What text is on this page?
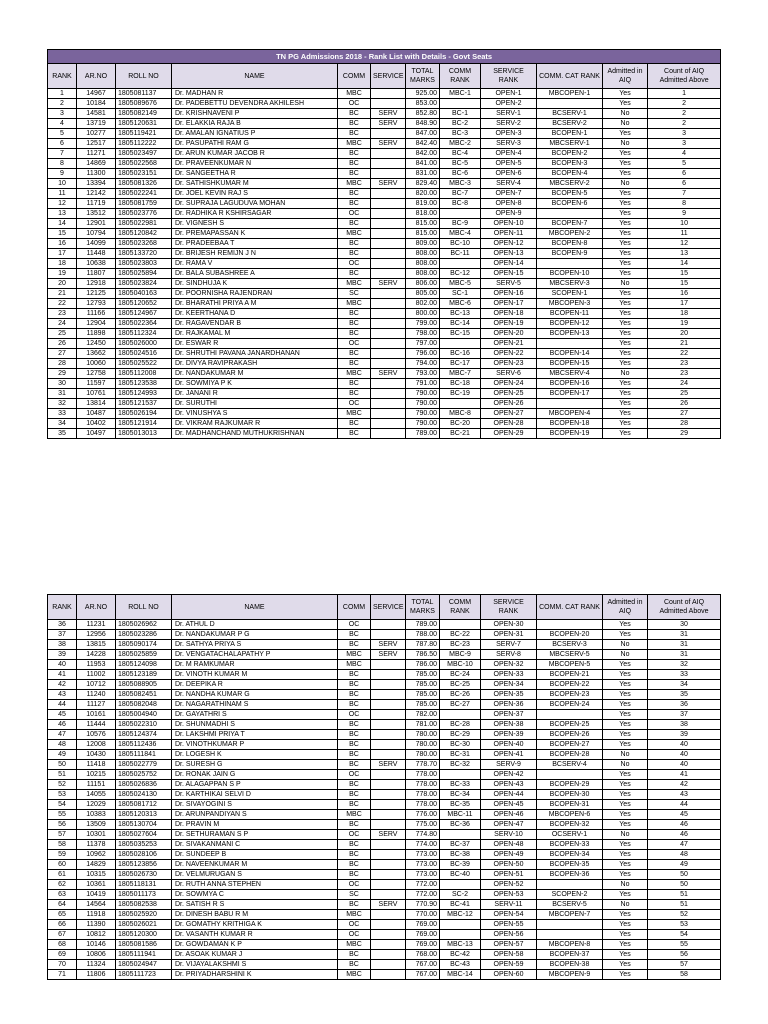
TN PG Admissions 2018 - Rank List with Details - Govt Seats											
RANK	AR.NO	ROLL NO	NAME	COMM	SERVICE	TOTAL MARKS	COMM RANK	SERVICE RANK	COMM. CAT RANK	Admitted in AIQ	Count of AIQ Admitted Above
1	14967	1805081137	Dr. MADHAN R	MBC		925.00	MBC-1	OPEN-1	MBCOPEN-1	Yes	1
2	10184	1805089676	Dr. PADEBETTU DEVENDRA AKHILESH	OC		853.00		OPEN-2		Yes	2
3	14581	1805082149	Dr. KRISHNAVENI P	BC	SERV	852.80	BC-1	SERV-1	BCSERV-1	No	2
4	13719	1805120631	Dr. ELAKKIA RAJA B	BC	SERV	848.90	BC-2	SERV-2	BCSERV-2	No	2
5	10277	1805119421	Dr. AMALAN IGNATIUS P	BC		847.00	BC-3	OPEN-3	BCOPEN-1	Yes	3
6	12517	1805112222	Dr. PASUPATHI RAM G	MBC	SERV	842.40	MBC-2	SERV-3	MBCSERV-1	No	3
7	11271	1805023497	Dr. ARUN KUMAR JACOB R	BC		842.00	BC-4	OPEN-4	BCOPEN-2	Yes	4
8	14869	1805022568	Dr. PRAVEENKUMAR N	BC		841.00	BC-5	OPEN-5	BCOPEN-3	Yes	5
9	11300	1805023151	Dr. SANGEETHA R	BC		831.00	BC-6	OPEN-6	BCOPEN-4	Yes	6
10	13394	1805081326	Dr. SATHISHKUMAR M	MBC	SERV	829.40	MBC-3	SERV-4	MBCSERV-2	No	6
11	12142	1805022241	Dr. JOEL KEVIN RAJ S	BC		820.00	BC-7	OPEN-7	BCOPEN-5	Yes	7
12	11719	1805081759	Dr. SUPRAJA LAGUDUVA MOHAN	BC		819.00	BC-8	OPEN-8	BCOPEN-6	Yes	8
13	13512	1805023776	Dr. RADHIKA R KSHIRSAGAR	OC		818.00		OPEN-9		Yes	9
14	12901	1805022981	Dr. VIGNESH S	BC		815.00	BC-9	OPEN-10	BCOPEN-7	Yes	10
15	10794	1805120842	Dr. PREMAPASSAN K	MBC		815.00	MBC-4	OPEN-11	MBCOPEN-2	Yes	11
16	14099	1805023268	Dr. PRADEEBAA T	BC		809.00	BC-10	OPEN-12	BCOPEN-8	Yes	12
17	11448	1805133720	Dr. BRIJESH REMIJN J N	BC		808.00	BC-11	OPEN-13	BCOPEN-9	Yes	13
18	10638	1805023803	Dr. RAMA V	OC		808.00		OPEN-14		Yes	14
19	11807	1805025894	Dr. BALA SUBASHREE A	BC		808.00	BC-12	OPEN-15	BCOPEN-10	Yes	15
20	12918	1805023824	Dr. SINDHUJA K	MBC	SERV	806.00	MBC-5	SERV-5	MBCSERV-3	No	15
21	12125	1805040163	Dr. POORNISHA RAJENDRAN	SC		805.00	SC-1	OPEN-16	SCOPEN-1	Yes	16
22	12793	1805120652	Dr. BHARATHI PRIYA A M	MBC		802.00	MBC-6	OPEN-17	MBCOPEN-3	Yes	17
23	11166	1805124967	Dr. KEERTHANA D	BC		800.00	BC-13	OPEN-18	BCOPEN-11	Yes	18
24	12904	1805022364	Dr. RAGAVENDAR B	BC		799.00	BC-14	OPEN-19	BCOPEN-12	Yes	19
25	11898	1805112324	Dr. RAJKAMAL M	BC		798.00	BC-15	OPEN-20	BCOPEN-13	Yes	20
26	12450	1805026000	Dr. ESWAR R	OC		797.00		OPEN-21		Yes	21
27	13662	1805024516	Dr. SHRUTHI PAVANA JANARDHANAN	BC		796.00	BC-16	OPEN-22	BCOPEN-14	Yes	22
28	10060	1805025522	Dr. DIVYA RAVIPRAKASH	BC		794.00	BC-17	OPEN-23	BCOPEN-15	Yes	23
29	12758	1805112008	Dr. NANDAKUMAR M	MBC	SERV	793.00	MBC-7	SERV-6	MBCSERV-4	No	23
30	11597	1805123538	Dr. SOWMIYA P K	BC		791.00	BC-18	OPEN-24	BCOPEN-16	Yes	24
31	10761	1805124993	Dr. JANANI R	BC		790.00	BC-19	OPEN-25	BCOPEN-17	Yes	25
32	13814	1805121537	Dr. SURUTHI	OC		790.00		OPEN-26		Yes	26
33	10487	1805026194	Dr. VINUSHYA S	MBC		790.00	MBC-8	OPEN-27	MBCOPEN-4	Yes	27
34	10402	1805121914	Dr. VIKRAM RAJKUMAR R	BC		790.00	BC-20	OPEN-28	BCOPEN-18	Yes	28
35	10497	1805013013	Dr. MADHANCHAND MUTHUKRISHNAN	BC		789.00	BC-21	OPEN-29	BCOPEN-19	Yes	29
RANK	AR.NO	ROLL NO	NAME	COMM	SERVICE	TOTAL MARKS	COMM RANK	SERVICE RANK	COMM. CAT RANK	Admitted in AIQ	Count of AIQ Admitted Above
36	11231	1805026962	Dr. ATHUL D	OC		789.00		OPEN-30		Yes	30
37	12956	1805023286	Dr. NANDAKUMAR P G	BC		788.00	BC-22	OPEN-31	BCOPEN-20	Yes	31
38	13815	1805090174	Dr. SATHYA PRIYA S	BC	SERV	787.80	BC-23	SERV-7	BCSERV-3	No	31
39	14228	1805025859	Dr. VENGATACHALAPATHY P	MBC	SERV	786.50	MBC-9	SERV-8	MBCSERV-5	No	31
40	11953	1805124098	Dr. M RAMKUMAR	MBC		786.00	MBC-10	OPEN-32	MBCOPEN-5	Yes	32
41	11002	1805123189	Dr. VINOTH KUMAR M	BC		785.00	BC-24	OPEN-33	BCOPEN-21	Yes	33
42	10712	1805088905	Dr. DEEPIKA R	BC		785.00	BC-25	OPEN-34	BCOPEN-22	Yes	34
43	11240	1805082451	Dr. NANDHA KUMAR G	BC		785.00	BC-26	OPEN-35	BCOPEN-23	Yes	35
44	11127	1805082048	Dr. NAGARATHINAM S	BC		785.00	BC-27	OPEN-36	BCOPEN-24	Yes	36
45	10161	1805004940	Dr. GAYATHRI S	OC		782.00		OPEN-37		Yes	37
46	11444	1805022310	Dr. SHUNMADHI S	BC		781.00	BC-28	OPEN-38	BCOPEN-25	Yes	38
47	10576	1805124374	Dr. LAKSHMI PRIYA T	BC		780.00	BC-29	OPEN-39	BCOPEN-26	Yes	39
48	12008	1805112436	Dr. VINOTHKUMAR P	BC		780.00	BC-30	OPEN-40	BCOPEN-27	Yes	40
49	10430	1805111841	Dr. LOGESH K	BC		780.00	BC-31	OPEN-41	BCOPEN-28	No	40
50	11418	1805022779	Dr. SURESH G	BC	SERV	778.70	BC-32	SERV-9	BCSERV-4	No	40
51	10215	1805025752	Dr. RONAK JAIN G	OC		778.00		OPEN-42		Yes	41
52	11151	1805026836	Dr. ALAGAPPAN S P	BC		778.00	BC-33	OPEN-43	BCOPEN-29	Yes	42
53	14055	1805024130	Dr. KARTHIKAI SELVI D	BC		778.00	BC-34	OPEN-44	BCOPEN-30	Yes	43
54	12029	1805081712	Dr. SIVAYOGINI S	BC		778.00	BC-35	OPEN-45	BCOPEN-31	Yes	44
55	10383	1805120313	Dr. ARUNPANDIYAN S	MBC		776.00	MBC-11	OPEN-46	MBCOPEN-6	Yes	45
56	13509	1805130704	Dr. PRAVIN M	BC		775.00	BC-36	OPEN-47	BCOPEN-32	Yes	46
57	10301	1805027604	Dr. SETHURAMAN S P	OC	SERV	774.80		SERV-10	OCSERV-1	No	46
58	11378	1805035253	Dr. SIVAKANMANI C	BC		774.00	BC-37	OPEN-48	BCOPEN-33	Yes	47
59	10962	1805028106	Dr. SUNDEEP B	BC		773.00	BC-38	OPEN-49	BCOPEN-34	Yes	48
60	14829	1805123856	Dr. NAVEENKUMAR M	BC		773.00	BC-39	OPEN-50	BCOPEN-35	Yes	49
61	10315	1805026730	Dr. VELMURUGAN S	BC		773.00	BC-40	OPEN-51	BCOPEN-36	Yes	50
62	10361	1805118131	Dr. RUTH ANNA STEPHEN	OC		772.00		OPEN-52		No	50
63	10419	1805011173	Dr. SOWMYA C	SC		772.00	SC-2	OPEN-53	SCOPEN-2	Yes	51
64	14564	1805082538	Dr. SATISH R S	BC	SERV	770.90	BC-41	SERV-11	BCSERV-5	No	51
65	11918	1805025920	Dr. DINESH BABU R M	MBC		770.00	MBC-12	OPEN-54	MBCOPEN-7	Yes	52
66	11390	1805026021	Dr. GOMATHY KRITHIGA K	OC		769.00		OPEN-55		Yes	53
67	10812	1805120300	Dr. VASANTH KUMAR R	OC		769.00		OPEN-56		Yes	54
68	10146	1805081586	Dr. GOWDAMAN K P	MBC		769.00	MBC-13	OPEN-57	MBCOPEN-8	Yes	55
69	10806	1805111941	Dr. ASOAK KUMAR J	BC		768.00	BC-42	OPEN-58	BCOPEN-37	Yes	56
70	11324	1805024947	Dr. VIJAYALAKSHMI S	BC		767.00	BC-43	OPEN-59	BCOPEN-38	Yes	57
71	11806	1805111723	Dr. PRIYADHARSHINI K	MBC		767.00	MBC-14	OPEN-60	MBCOPEN-9	Yes	58
